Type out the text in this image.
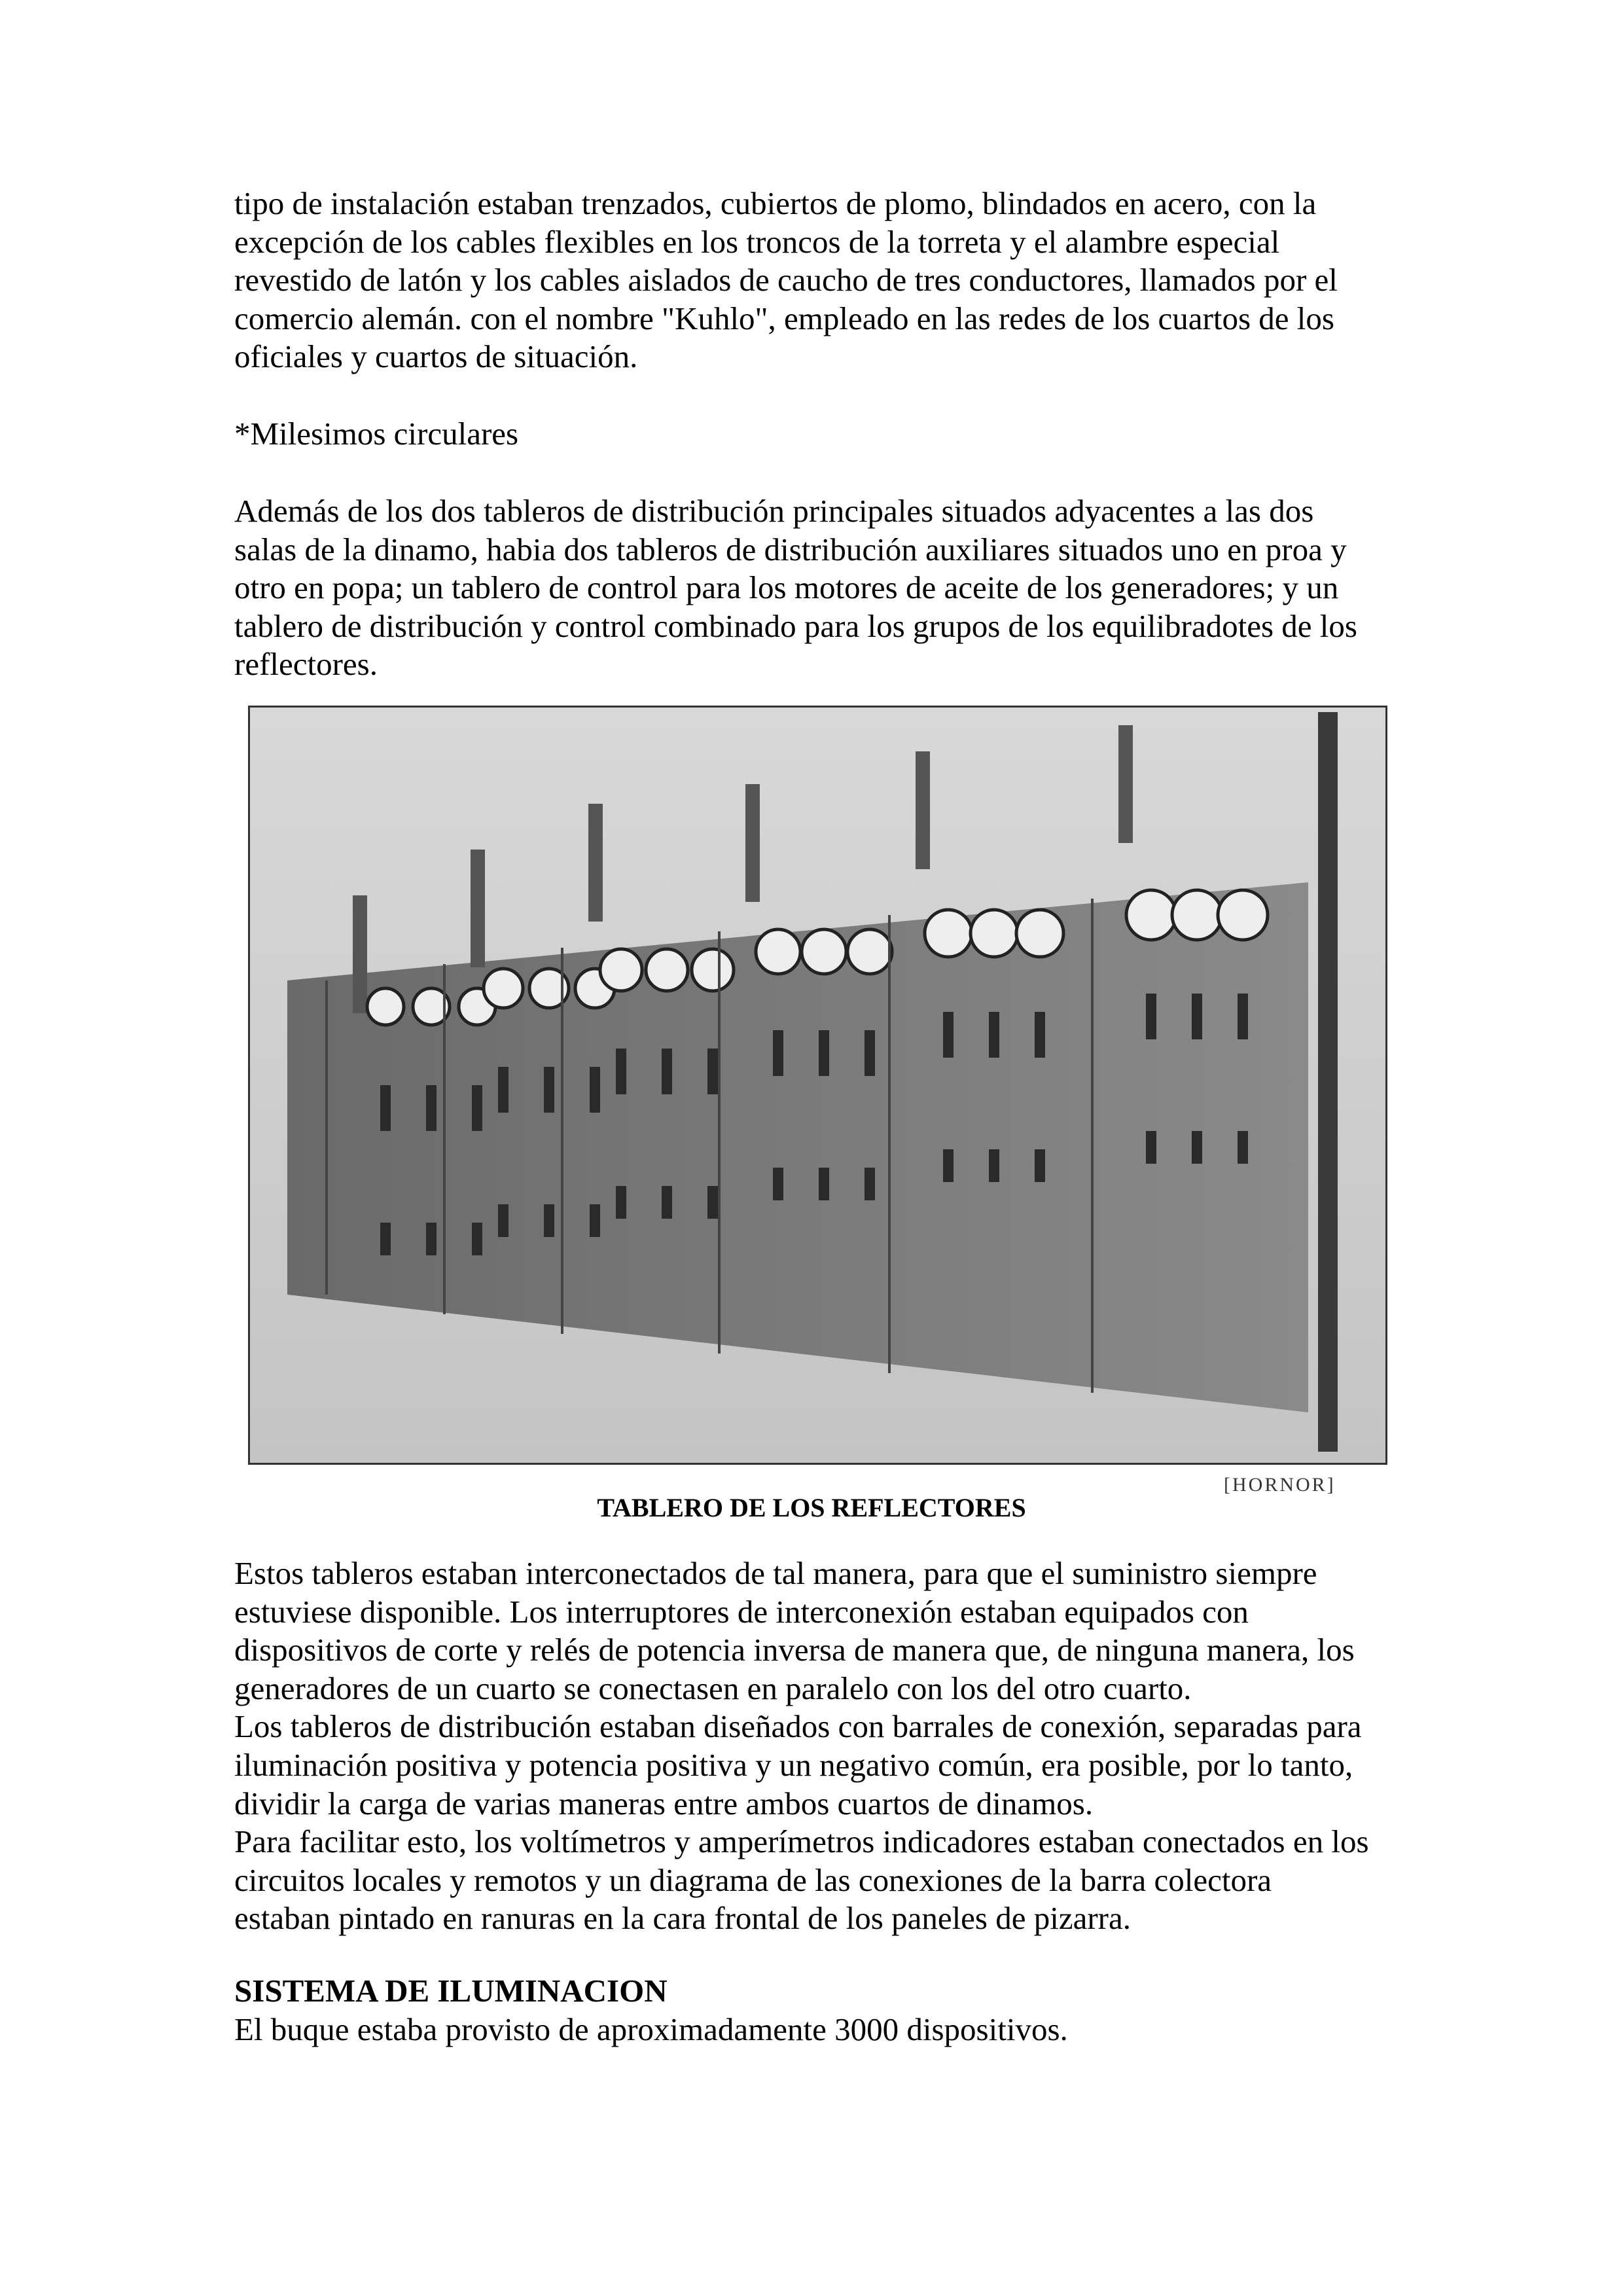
tipo de instalación estaban trenzados, cubiertos de plomo, blindados en acero, con la
excepción de los cables flexibles en los troncos de la torreta y el alambre especial
revestido de latón y los cables aislados de caucho de tres conductores, llamados por el
comercio alemán. con el nombre "Kuhlo", empleado en las redes de los cuartos de los
oficiales y cuartos de situación.
*Milesimos circulares
Además de los dos tableros de distribución principales situados adyacentes a las dos
salas de la dinamo, habia dos tableros de distribución auxiliares situados uno en proa y
otro en popa; un tablero de control para los motores de aceite de los generadores; y un
tablero de distribución y control combinado para los grupos de los equilibradotes de los
reflectores.
[HORNOR]
TABLERO DE LOS REFLECTORES
Estos tableros estaban interconectados de tal manera, para que el suministro siempre
estuviese disponible. Los interruptores de interconexión estaban equipados con
dispositivos de corte y relés de potencia inversa de manera que, de ninguna manera, los
generadores de un cuarto se conectasen en paralelo con los del otro cuarto.
Los tableros de distribución estaban diseñados con barrales de conexión, separadas para
iluminación positiva y potencia positiva y un negativo común, era posible, por lo tanto,
dividir la carga de varias maneras entre ambos cuartos de dinamos.
Para facilitar esto, los voltímetros y amperímetros indicadores estaban conectados en los
circuitos locales y remotos y un diagrama de las conexiones de la barra colectora
estaban pintado en ranuras en la cara frontal de los paneles de pizarra.
SISTEMA DE ILUMINACION
El buque estaba provisto de aproximadamente 3000 dispositivos.
